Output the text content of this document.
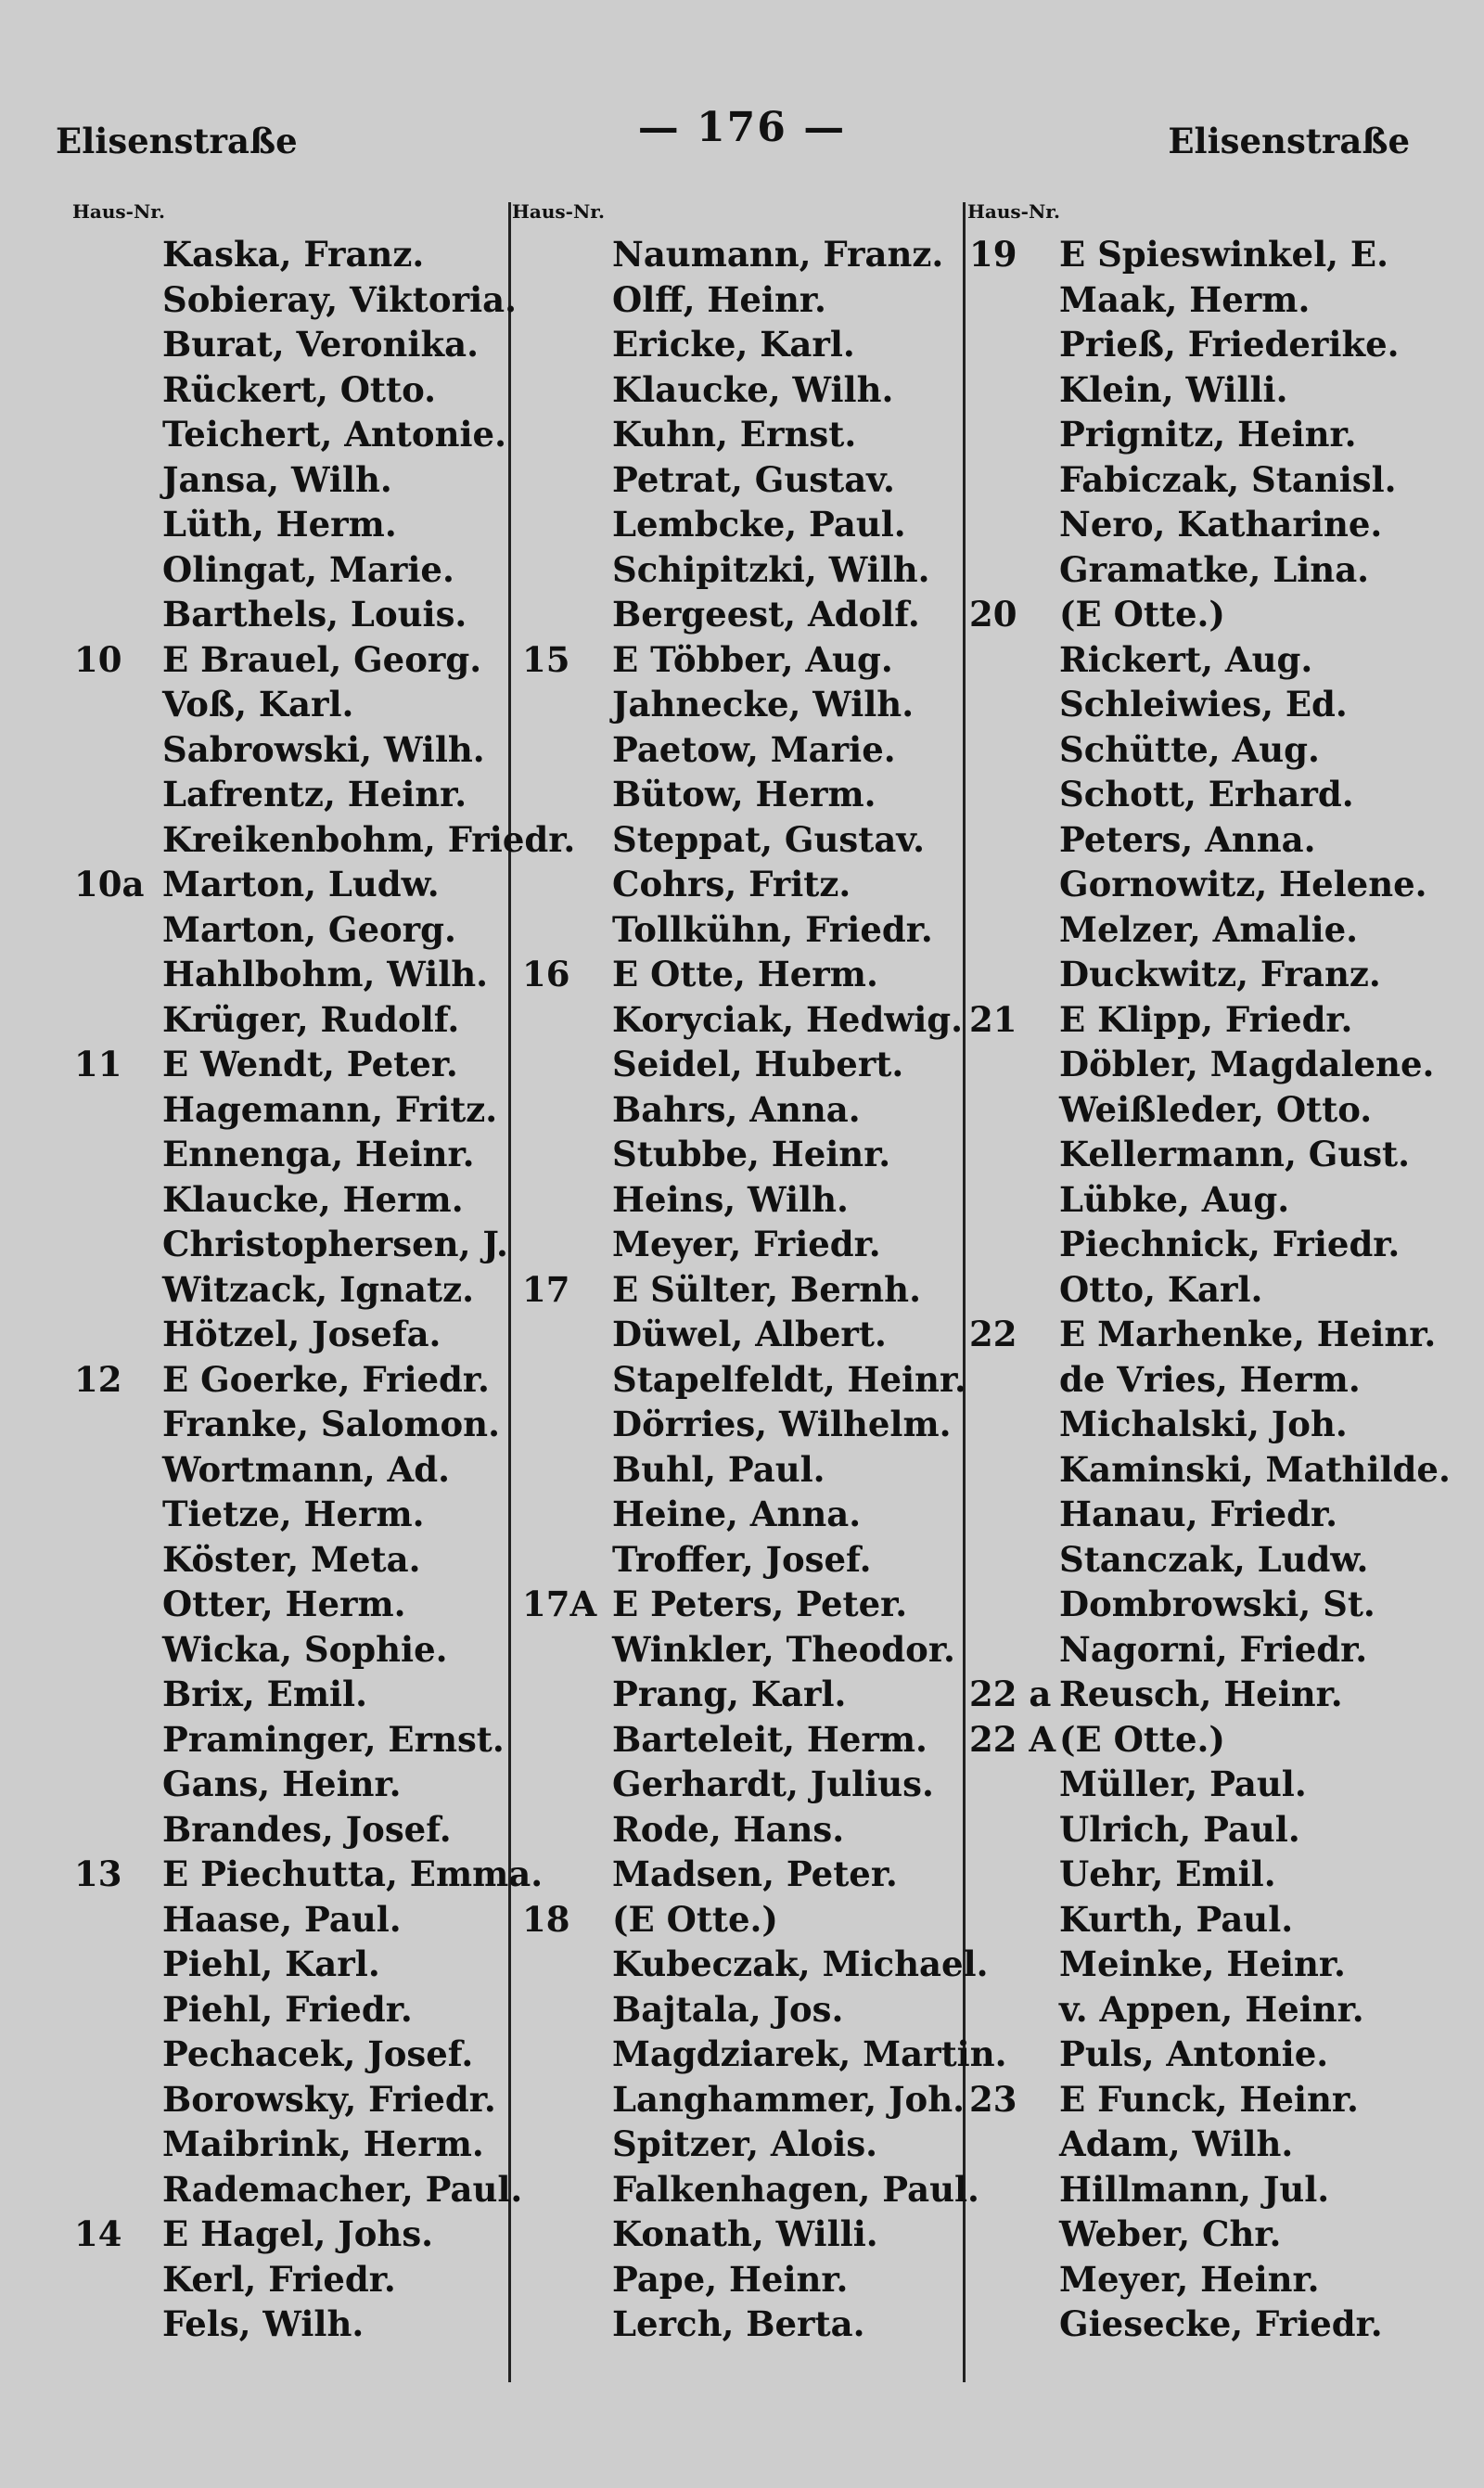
Elisenstraße	— 176 —	Elisenstraße
Haus-Nr.	Haus-Nr.	Haus-Nr.
Kaska, Franz.
Sobieray, Viktoria.
Burat, Veronika.
Rückert, Otto.
Teichert, Antonie.
Jansa, Wilh.
Lüth, Herm.
Olingat, Marie.
Barthels, Louis.
10 E Brauel, Georg.
Voß, Karl.
Sabrowski, Wilh.
Lafrentz, Heinr.
Kreikenbohm, Friedr.
10a Marton, Ludw.
Marton, Georg.
Hahlbohm, Wilh.
Krüger, Rudolf.
11 E Wendt, Peter.
Hagemann, Fritz.
Ennenga, Heinr.
Klaucke, Herm.
Christophersen, J.
Witzack, Ignatz.
Hötzel, Josefa.
12 E Goerke, Friedr.
Franke, Salomon.
Wortmann, Ad.
Tietze, Herm.
Köster, Meta.
Otter, Herm.
Wicka, Sophie.
Brix, Emil.
Praminger, Ernst.
Gans, Heinr.
Brandes, Josef.
13 E Piechutta, Emma.
Haase, Paul.
Piehl, Karl.
Piehl, Friedr.
Pechacek, Josef.
Borowsky, Friedr.
Maibrink, Herm.
Rademacher, Paul.
14 E Hagel, Johs.
Kerl, Friedr.
Fels, Wilh.
Naumann, Franz.
Olff, Heinr.
Ericke, Karl.
Klaucke, Wilh.
Kuhn, Ernst.
Petrat, Gustav.
Lembcke, Paul.
Schipitzki, Wilh.
Bergeest, Adolf.
15 E Többer, Aug.
Jahnecke, Wilh.
Paetow, Marie.
Bütow, Herm.
Steppat, Gustav.
Cohrs, Fritz.
Tollkühn, Friedr.
16 E Otte, Herm.
Koryciak, Hedwig.
Seidel, Hubert.
Bahrs, Anna.
Stubbe, Heinr.
Heins, Wilh.
Meyer, Friedr.
17 E Sülter, Bernh.
Düwel, Albert.
Stapelfeldt, Heinr.
Dörries, Wilhelm.
Buhl, Paul.
Heine, Anna.
Troffer, Josef.
17A E Peters, Peter.
Winkler, Theodor.
Prang, Karl.
Barteleit, Herm.
Gerhardt, Julius.
Rode, Hans.
Madsen, Peter.
18 (E Otte.)
Kubeczak, Michael.
Bajtala, Jos.
Magdziarek, Martin.
Langhammer, Joh.
Spitzer, Alois.
Falkenhagen, Paul.
Konath, Willi.
Pape, Heinr.
Lerch, Berta.
19 E Spieswinkel, E.
Maak, Herm.
Prieß, Friederike.
Klein, Willi.
Prignitz, Heinr.
Fabiczak, Stanisl.
Nero, Katharine.
Gramatke, Lina.
20 (E Otte.)
Rickert, Aug.
Schleiwies, Ed.
Schütte, Aug.
Schott, Erhard.
Peters, Anna.
Gornowitz, Helene.
Melzer, Amalie.
Duckwitz, Franz.
21 E Klipp, Friedr.
Döbler, Magdalene.
Weißleder, Otto.
Kellermann, Gust.
Lübke, Aug.
Piechnick, Friedr.
Otto, Karl.
22 E Marhenke, Heinr.
de Vries, Herm.
Michalski, Joh.
Kaminski, Mathilde.
Hanau, Friedr.
Stanczak, Ludw.
Dombrowski, St.
Nagorni, Friedr.
22 a Reusch, Heinr.
22 A (E Otte.)
Müller, Paul.
Ulrich, Paul.
Uehr, Emil.
Kurth, Paul.
Meinke, Heinr.
v. Appen, Heinr.
Puls, Antonie.
23 E Funck, Heinr.
Adam, Wilh.
Hillmann, Jul.
Weber, Chr.
Meyer, Heinr.
Giesecke, Friedr.
